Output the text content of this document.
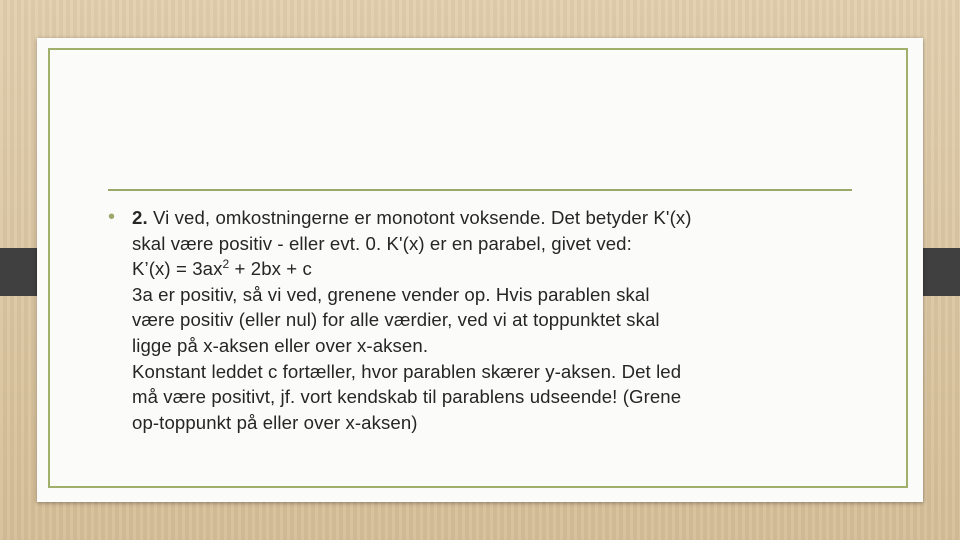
• 2. Vi ved, omkostningerne er monotont voksende. Det betyder K'(x)
skal være positiv - eller evt. 0. K'(x) er en parabel, givet ved:
K’(x) = $3ax^2 + 2bx + c$
3a er positiv, så vi ved, grenene vender op. Hvis parablen skal
være positiv (eller nul) for alle værdier, ved vi at toppunktet skal
ligge på x-aksen eller over x-aksen.
Konstant leddet c fortæller, hvor parablen skærer y-aksen. Det led
må være positivt, jf. vort kendskab til parablens udseende! (Grene
op-toppunkt på eller over x-aksen)
